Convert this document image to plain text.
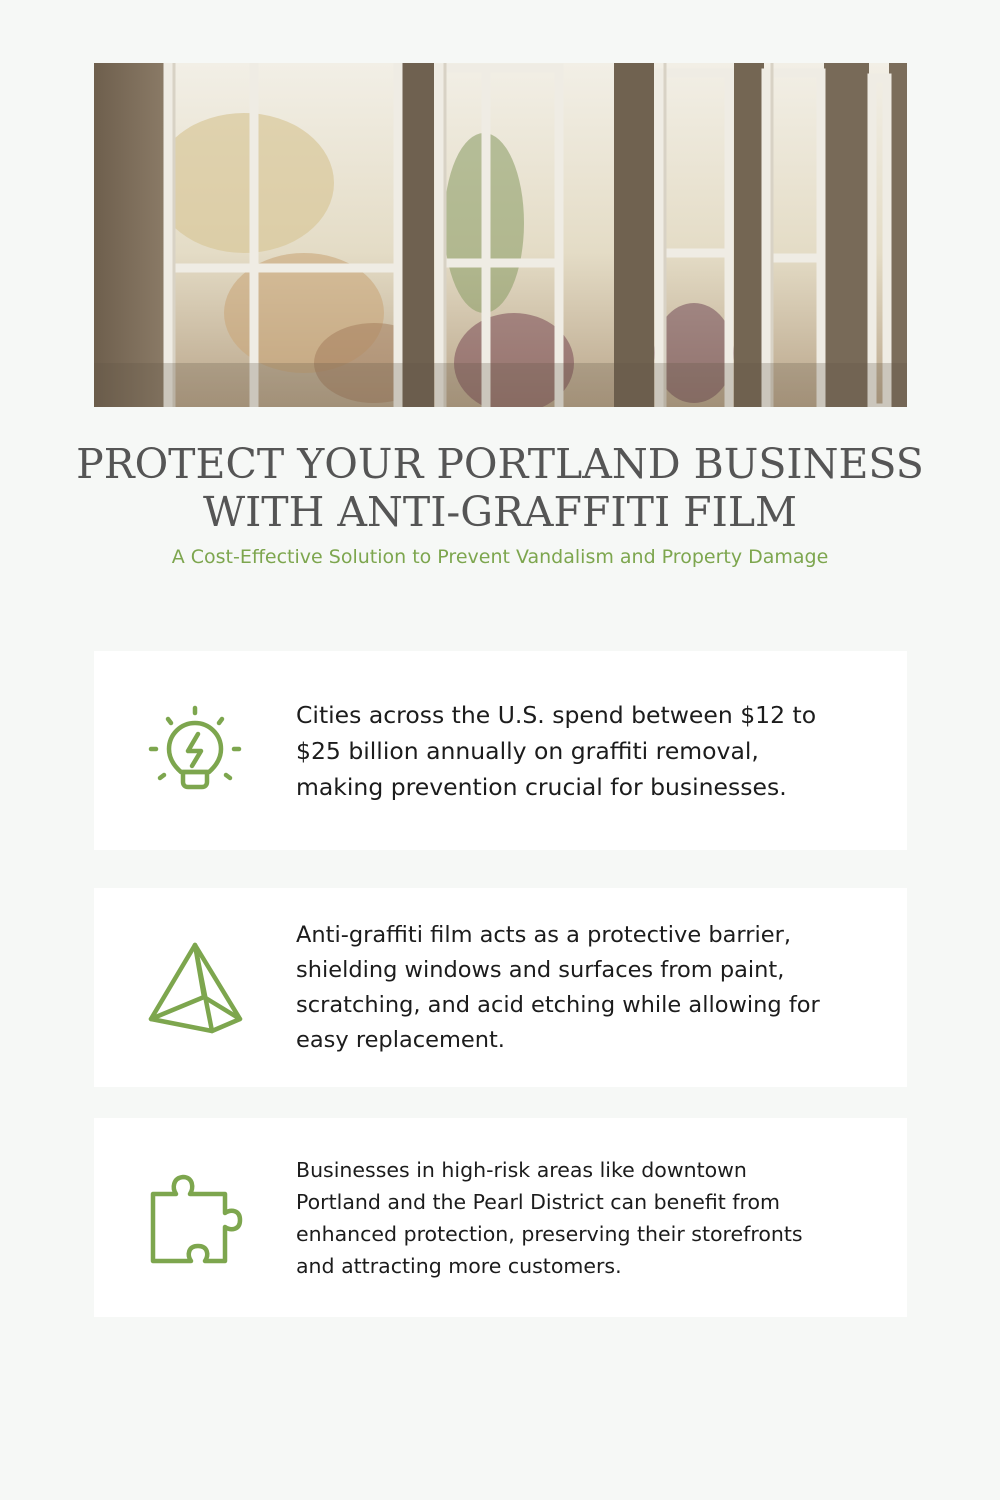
PROTECT YOUR PORTLAND BUSINESS WITH ANTI-GRAFFITI FILM

A Cost-Effective Solution to Prevent Vandalism and Property Damage

Cities across the U.S. spend between $12 to $25 billion annually on graffiti removal, making prevention crucial for businesses.

Anti-graffiti film acts as a protective barrier, shielding windows and surfaces from paint, scratching, and acid etching while allowing for easy replacement.

Businesses in high-risk areas like downtown Portland and the Pearl District can benefit from enhanced protection, preserving their storefronts and attracting more customers.
